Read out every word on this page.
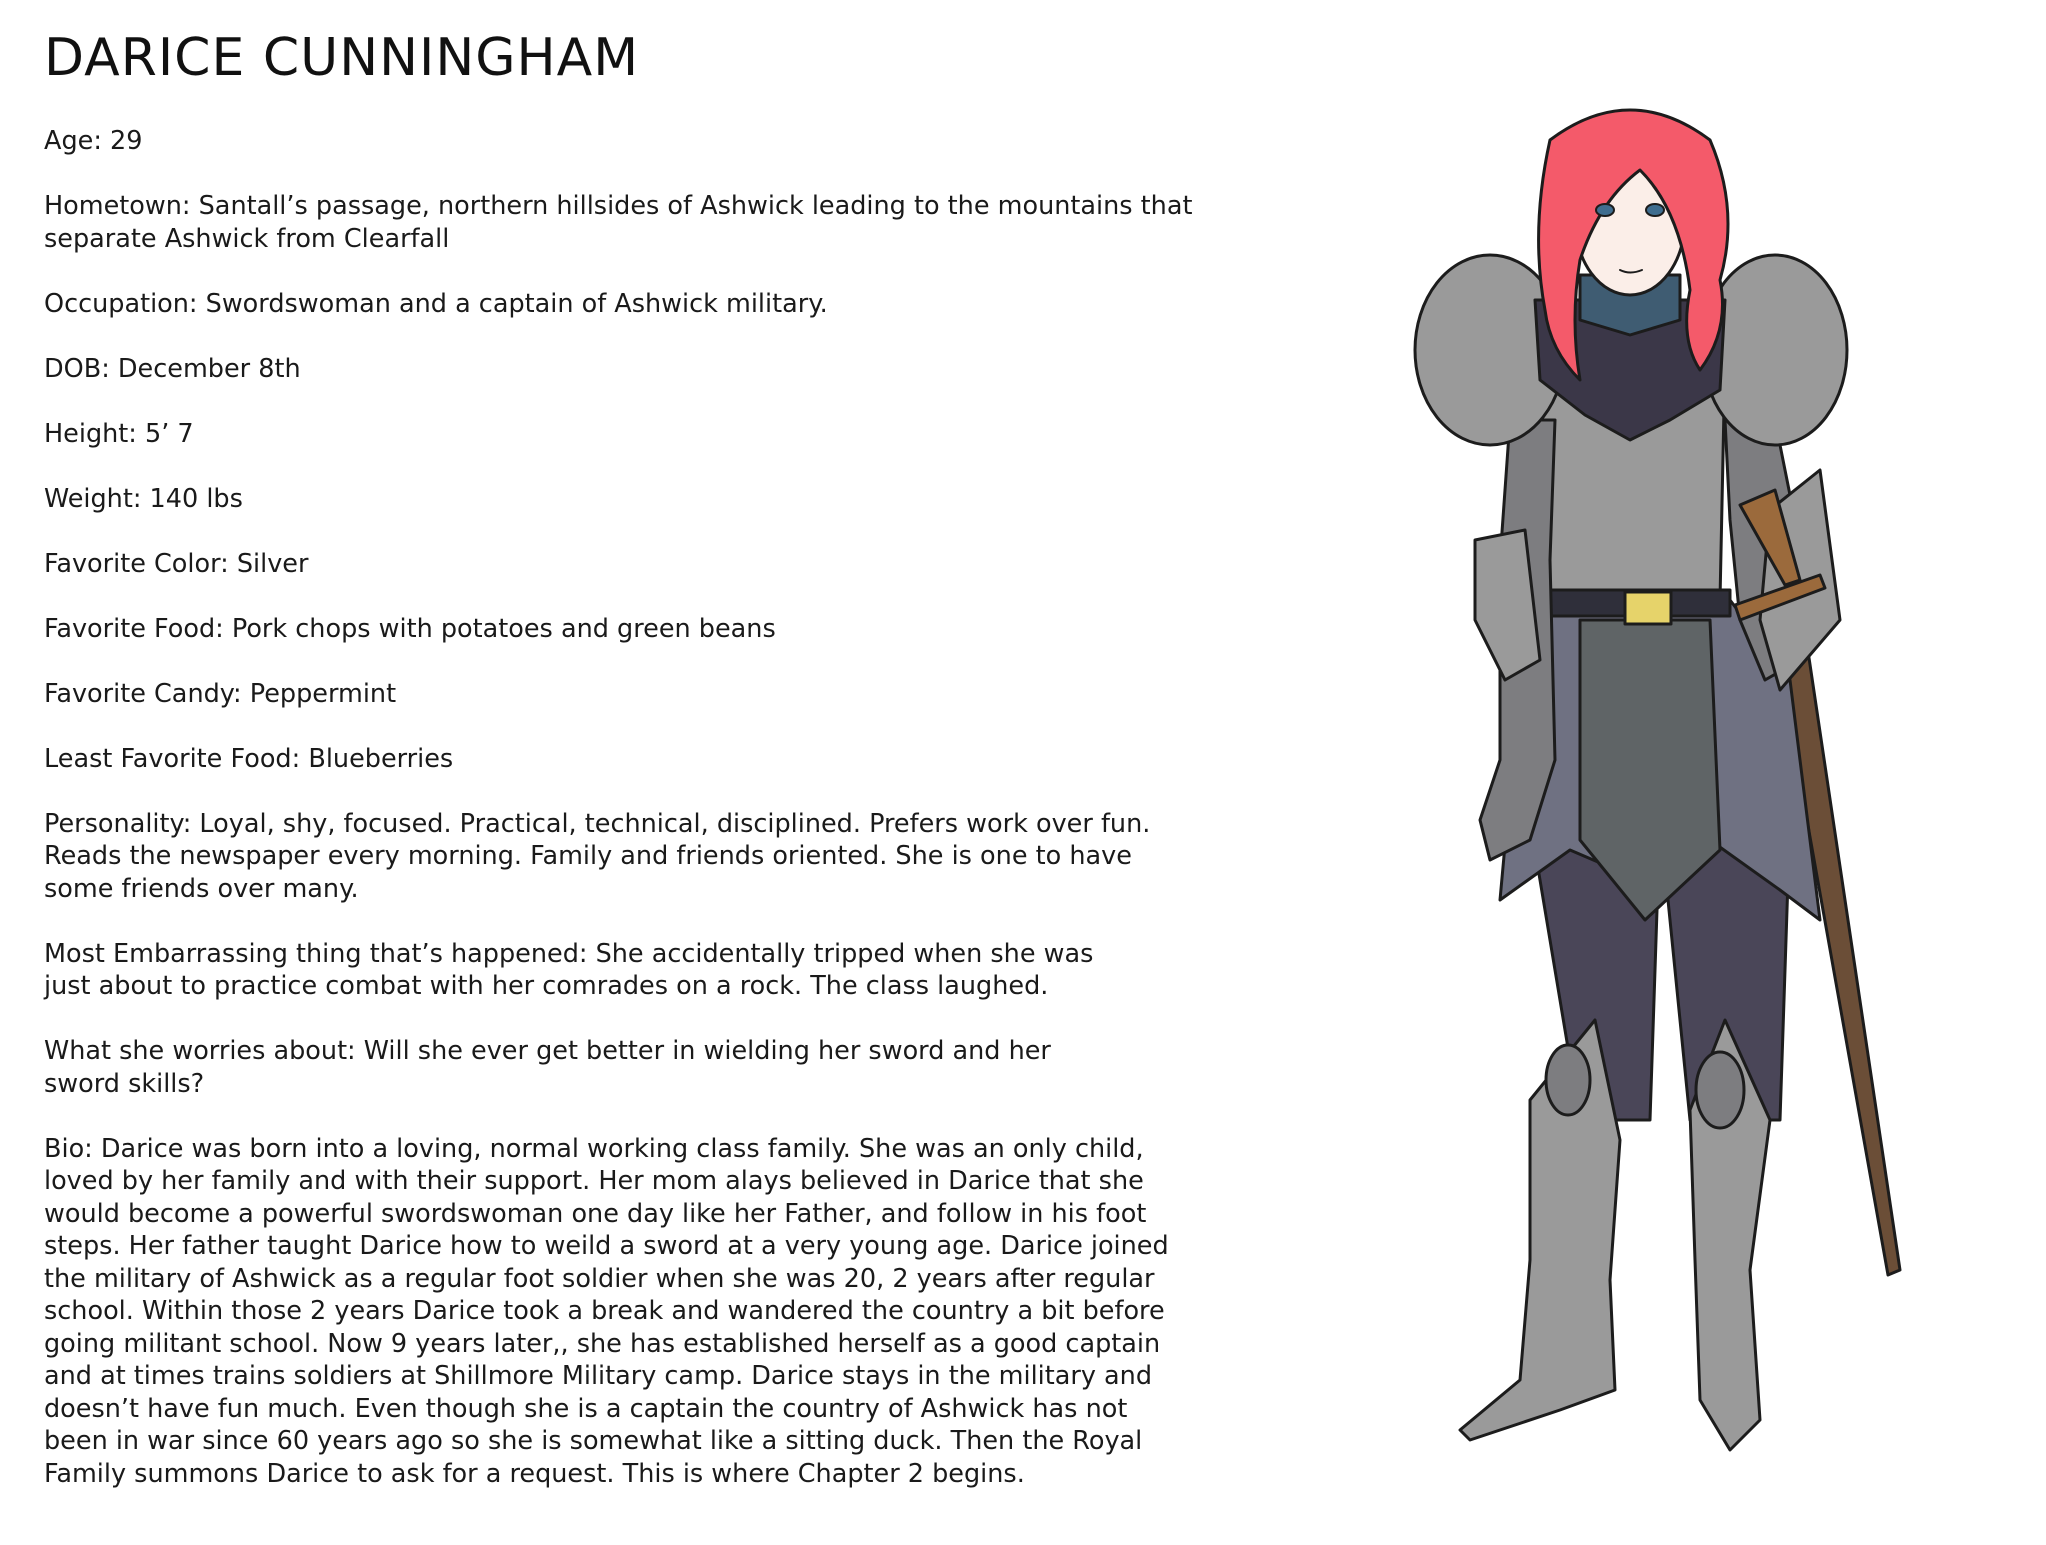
DARICE CUNNINGHAM

Age: 29

Hometown: Santall’s passage, northern hillsides of Ashwick leading to the mountains that
separate Ashwick from Clearfall

Occupation: Swordswoman and a captain of Ashwick military.

DOB: December 8th

Height: 5’ 7

Weight: 140 lbs

Favorite Color: Silver

Favorite Food: Pork chops with potatoes and green beans

Favorite Candy: Peppermint

Least Favorite Food: Blueberries

Personality: Loyal, shy, focused. Practical, technical, disciplined. Prefers work over fun.
Reads the newspaper every morning. Family and friends oriented. She is one to have
some friends over many.

Most Embarrassing thing that’s happened: She accidentally tripped when she was
just about to practice combat with her comrades on a rock. The class laughed.

What she worries about: Will she ever get better in wielding her sword and her
sword skills?

Bio: Darice was born into a loving, normal working class family. She was an only child,
loved by her family and with their support. Her mom alays believed in Darice that she
would become a powerful swordswoman one day like her Father, and follow in his foot
steps. Her father taught Darice how to weild a sword at a very young age. Darice joined
the military of Ashwick as a regular foot soldier when she was 20, 2 years after regular
school. Within those 2 years Darice took a break and wandered the country a bit before
going militant school. Now 9 years later,, she has established herself as a good captain
and at times trains soldiers at Shillmore Military camp. Darice stays in the military and
doesn’t have fun much. Even though she is a captain the country of Ashwick has not
been in war since 60 years ago so she is somewhat like a sitting duck. Then the Royal
Family summons Darice to ask for a request. This is where Chapter 2 begins.
